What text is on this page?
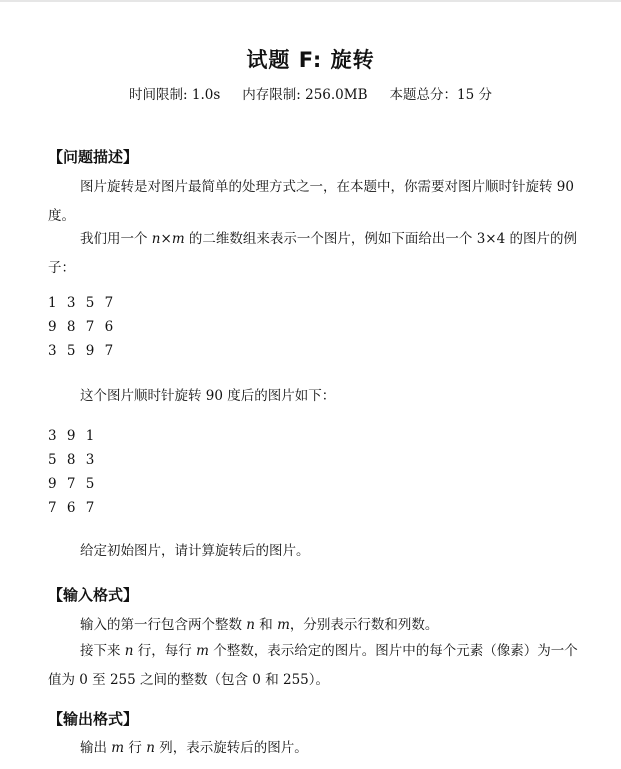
试题 F: 旋转
时间限制: 1.0s 内存限制: 256.0MB 本题总分：15 分
【问题描述】
图片旋转是对图片最简单的处理方式之一，在本题中，你需要对图片顺时针旋转 90 度。
我们用一个 n×m 的二维数组来表示一个图片，例如下面给出一个 3×4 的图片的例子：
1 3 5 7
9 8 7 6
3 5 9 7
这个图片顺时针旋转 90 度后的图片如下：
3 9 1
5 8 3
9 7 5
7 6 7
给定初始图片，请计算旋转后的图片。
【输入格式】
输入的第一行包含两个整数 n 和 m，分别表示行数和列数。
接下来 n 行，每行 m 个整数，表示给定的图片。图片中的每个元素（像素）为一个值为 0 至 255 之间的整数（包含 0 和 255）。
【输出格式】
输出 m 行 n 列，表示旋转后的图片。
